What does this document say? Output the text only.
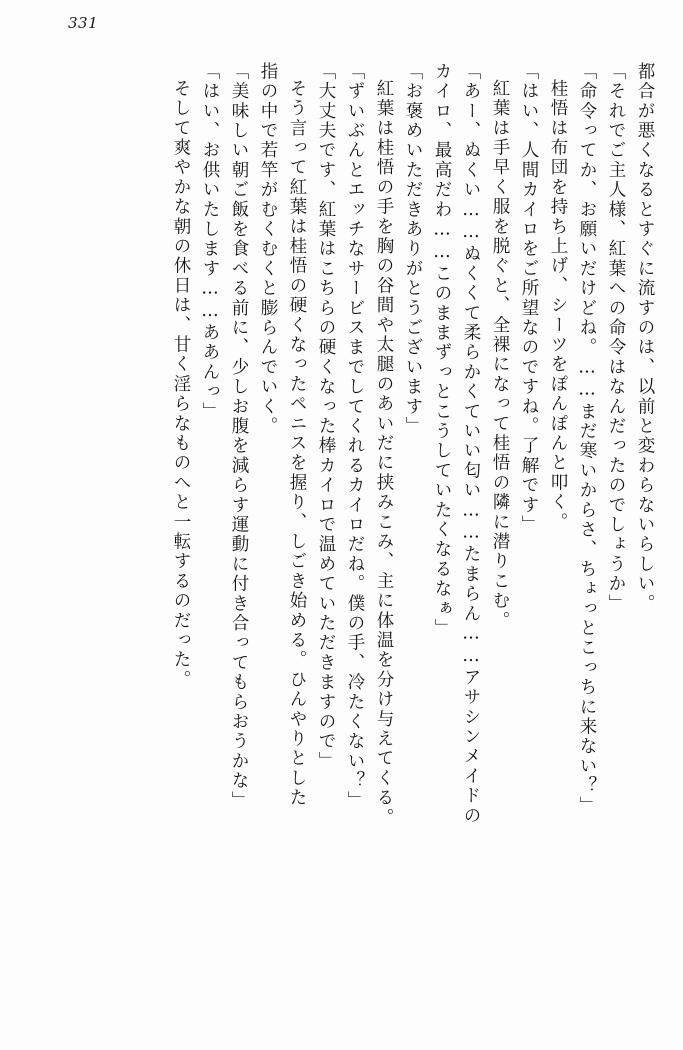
331
都合が悪くなるとすぐに流すのは、以前と変わらないらしい。
「それでご主人様、紅葉への命令はなんだったのでしょうか」
「命令ってか、お願いだけどね。……まだ寒いからさ、ちょっとこっちに来ない？」
桂悟は布団を持ち上げ、シーツをぽんぽんと叩く。
「はい、人間カイロをご所望なのですね。了解です」
紅葉は手早く服を脱ぐと、全裸になって桂悟の隣に潜りこむ。
「あー、ぬくい……ぬくくて柔らかくていい匂い……たまらん……アサシンメイドの
カイロ、最高だわ……このままずっとこうしていたくなるなぁ」
「お褒めいただきありがとうございます」
紅葉は桂悟の手を胸の谷間や太腿のあいだに挟みこみ、主に体温を分け与えてくる。
「ずいぶんとエッチなサービスまでしてくれるカイロだね。僕の手、冷たくない？」
「大丈夫です、紅葉はこちらの硬くなった棒カイロで温めていただきますので」
そう言って紅葉は桂悟の硬くなったペニスを握り、しごき始める。ひんやりとした
指の中で若竿がむくむくと膨らんでいく。
「美味しい朝ご飯を食べる前に、少しお腹を減らす運動に付き合ってもらおうかな」
「はい、お供いたします……ああんっ」
そして爽やかな朝の休日は、甘く淫らなものへと一転するのだった。
